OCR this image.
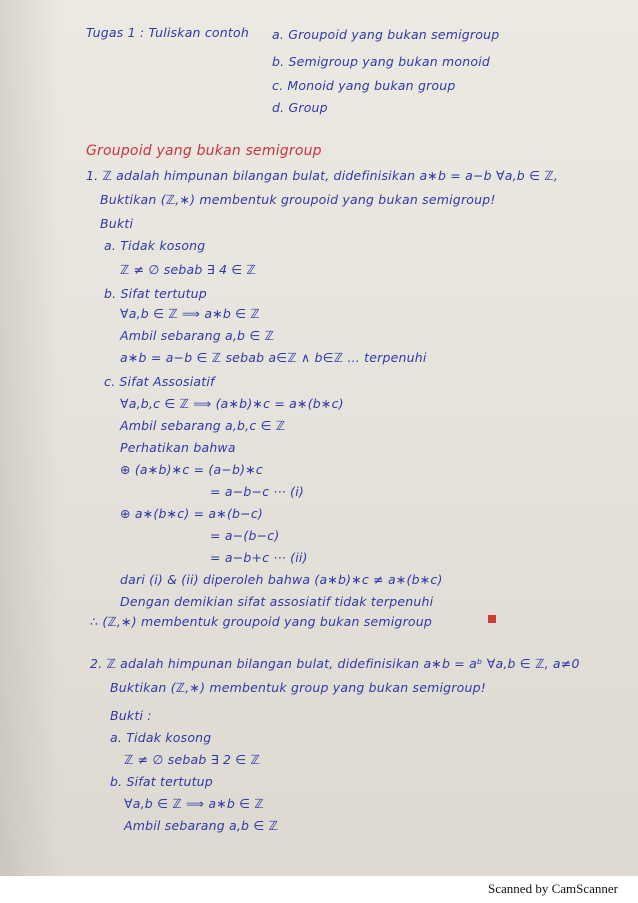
Tugas 1 : Tuliskan contoh a. Groupoid yang bukan semigroup
b. Semigroup yang bukan monoid
c. Monoid yang bukan group
d. Group
Groupoid yang bukan semigroup
1. ℤ adalah himpunan bilangan bulat, didefinisikan a∗b = a−b ∀a,b ∈ ℤ,
Buktikan (ℤ,∗) membentuk groupoid yang bukan semigroup!
Bukti
a. Tidak kosong
ℤ ≠ ∅ sebab ∃ 4 ∈ ℤ
b. Sifat tertutup
∀a,b ∈ ℤ ⟹ a∗b ∈ ℤ
Ambil sebarang a,b ∈ ℤ
a∗b = a−b ∈ ℤ sebab a∈ℤ ∧ b∈ℤ ... terpenuhi
c. Sifat Assosiatif
∀a,b,c ∈ ℤ ⟹ (a∗b)∗c = a∗(b∗c)
Ambil sebarang a,b,c ∈ ℤ
Perhatikan bahwa
⊕ (a∗b)∗c = (a−b)∗c
= a−b−c ··· (i)
⊕ a∗(b∗c) = a∗(b−c)
= a−(b−c)
= a−b+c ··· (ii)
dari (i) & (ii) diperoleh bahwa (a∗b)∗c ≠ a∗(b∗c)
Dengan demikian sifat assosiatif tidak terpenuhi
∴ (ℤ,∗) membentuk groupoid yang bukan semigroup
2. ℤ adalah himpunan bilangan bulat, didefinisikan a∗b = aᵇ ∀a,b ∈ ℤ, a≠0
Buktikan (ℤ,∗) membentuk group yang bukan semigroup!
Bukti :
a. Tidak kosong
ℤ ≠ ∅ sebab ∃ 2 ∈ ℤ
b. Sifat tertutup
∀a,b ∈ ℤ ⟹ a∗b ∈ ℤ
Ambil sebarang a,b ∈ ℤ
Scanned by CamScanner
